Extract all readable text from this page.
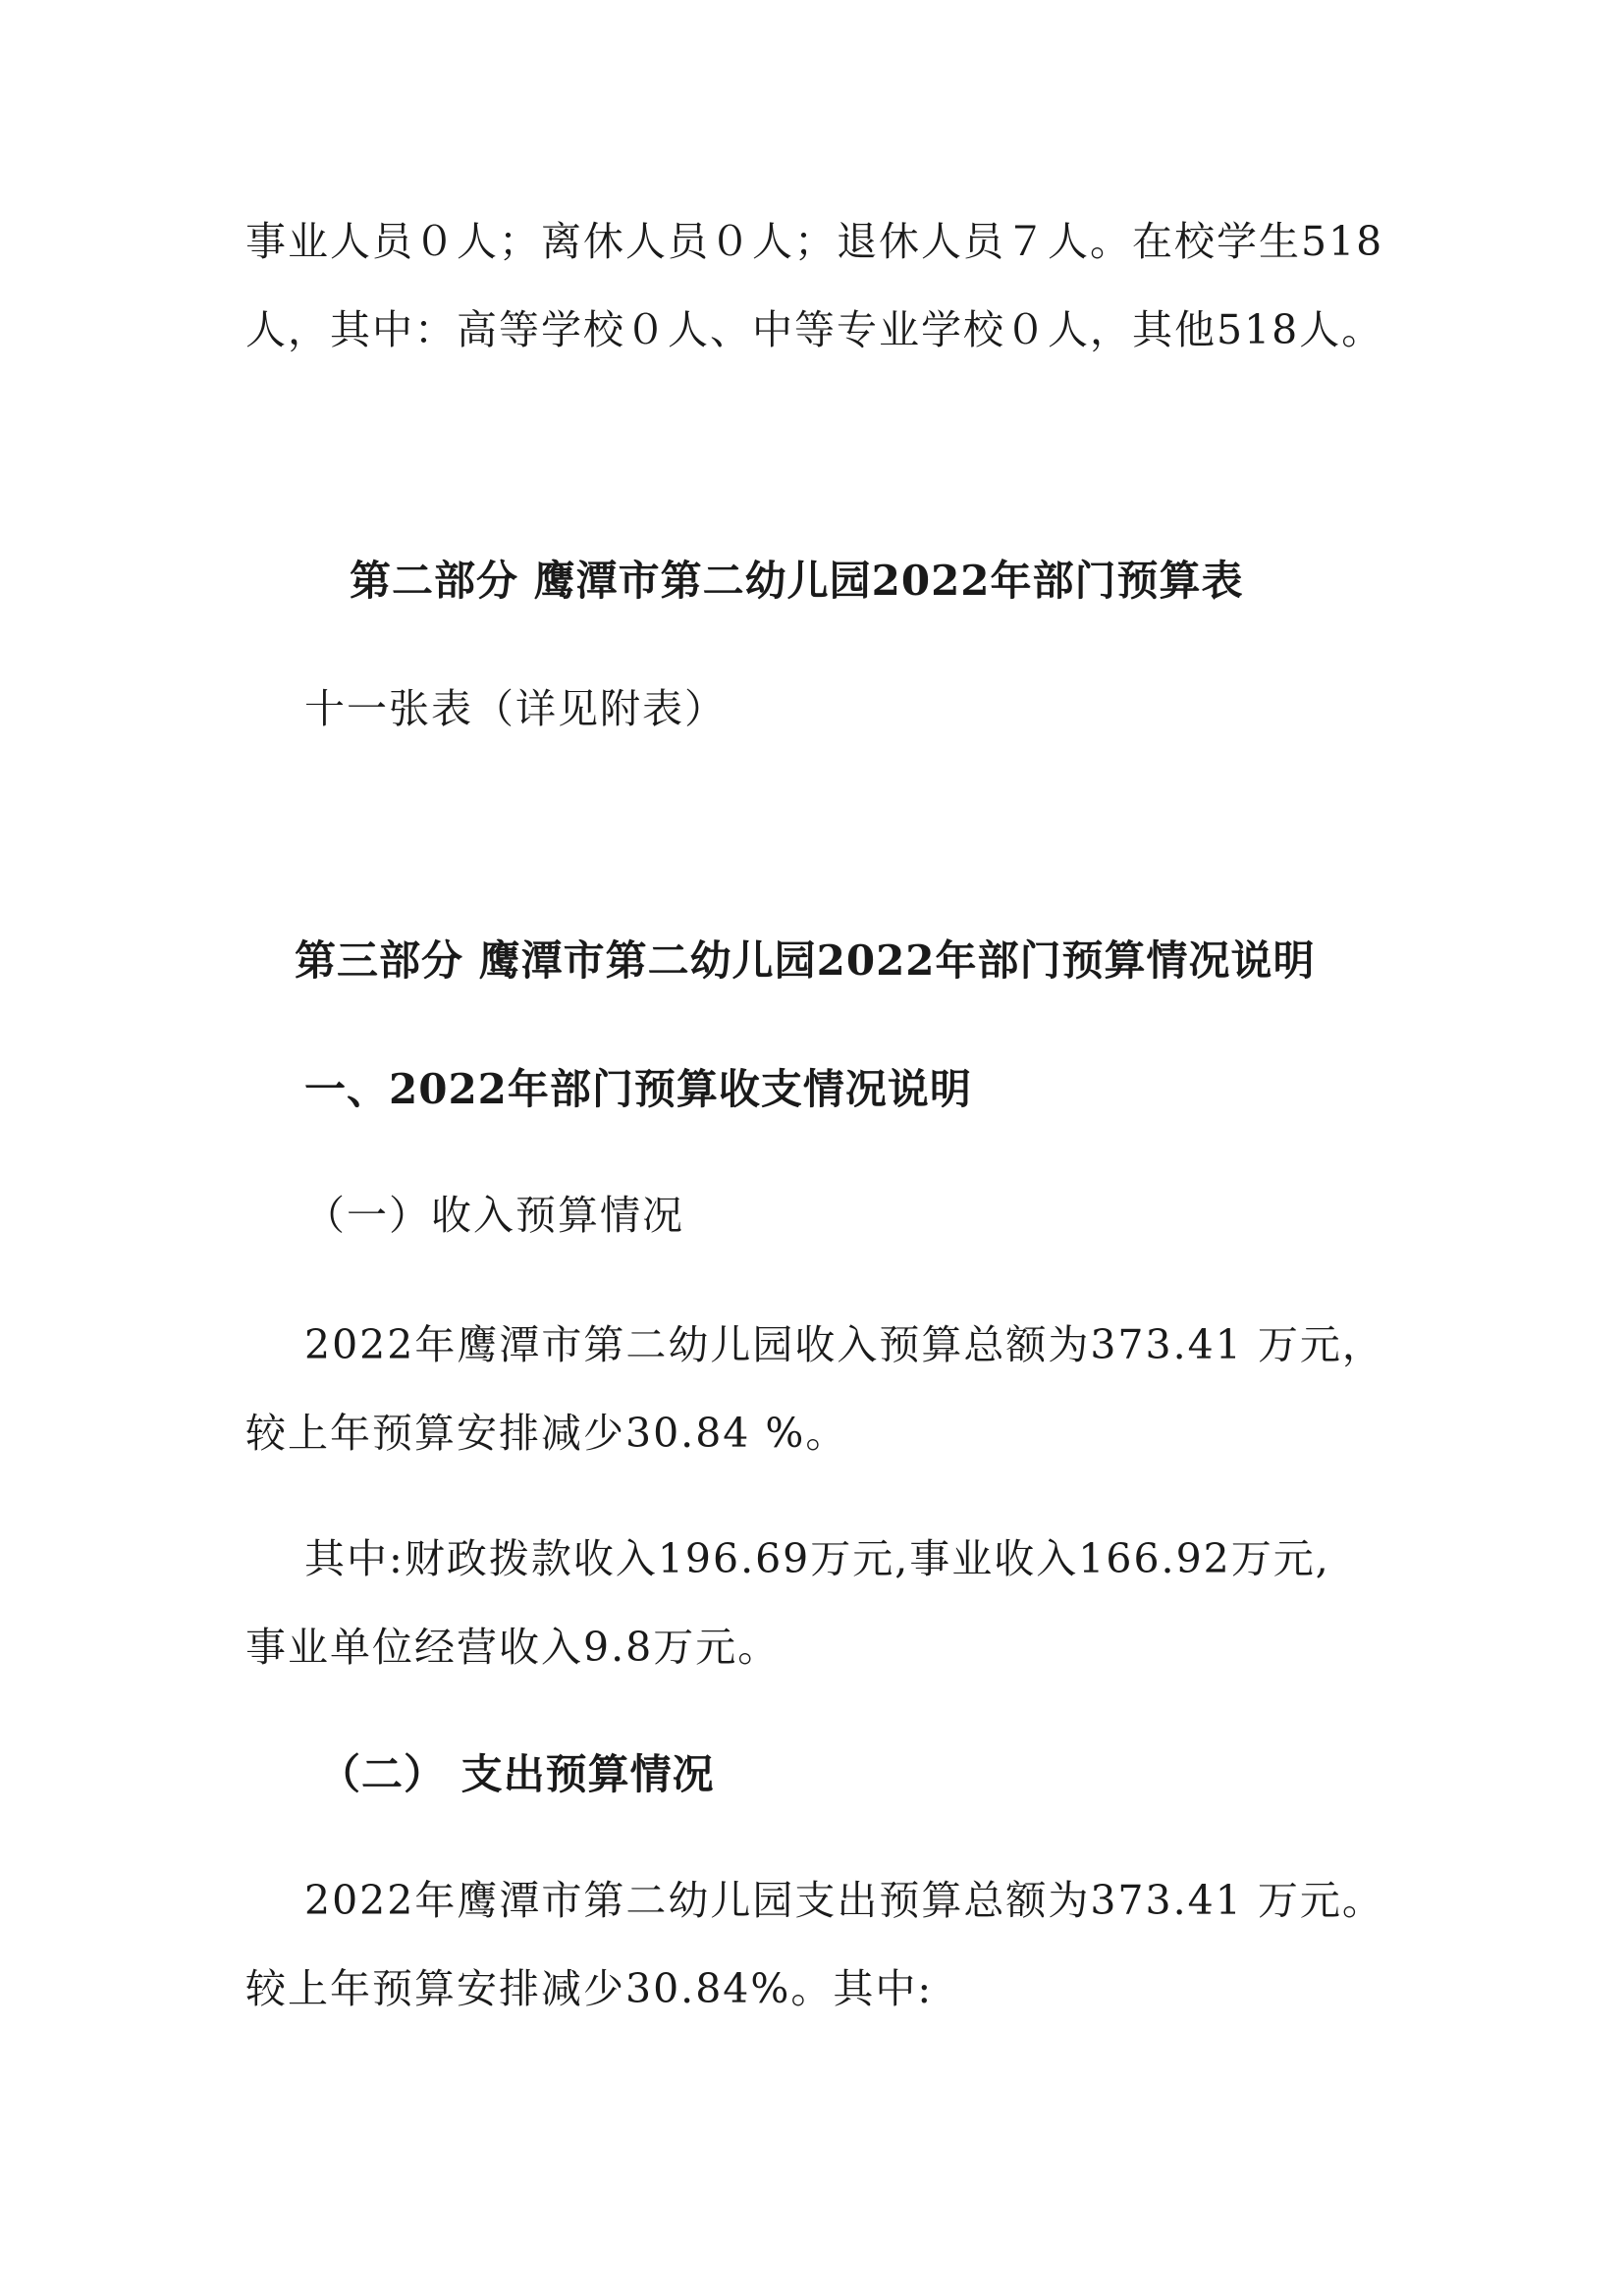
事业人员０人；离休人员０人；退休人员７人。在校学生518
人，其中：高等学校０人、中等专业学校０人，其他518人。
第二部分 鹰潭市第二幼儿园2022年部门预算表
十一张表（详见附表）
第三部分 鹰潭市第二幼儿园2022年部门预算情况说明
一、2022年部门预算收支情况说明
（一）收入预算情况
2022年鹰潭市第二幼儿园收入预算总额为373.41 万元，
较上年预算安排减少30.84 %。
其中:财政拨款收入196.69万元,事业收入166.92万元,
事业单位经营收入9.8万元。
（二） 支出预算情况
2022年鹰潭市第二幼儿园支出预算总额为373.41 万元。
较上年预算安排减少30.84%。其中:
